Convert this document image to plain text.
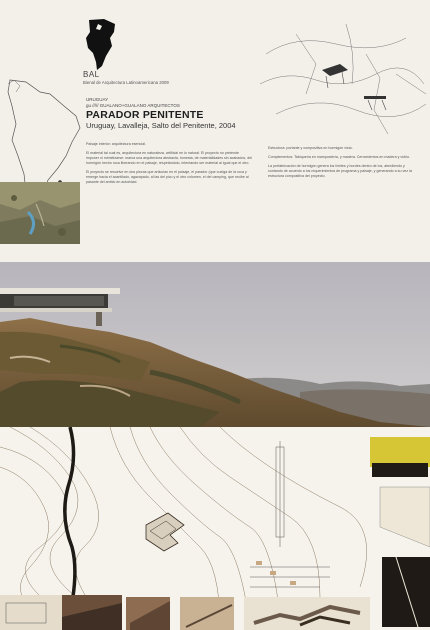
BAL
Bienal de Arquitectura Latinoamericana 2009
URUGUAY
gu ///// GUALANO+GUALANO ARQUITECTOS
PARADOR PENITENTE
Uruguay, Lavalleja, Salto del Penitente, 2004

Paisaje interior: arquitectura esencial.

El material tal cual es, arquitectura en naturaleza, artificial en lo natural. El proyecto no pretende imponer ni mimetizarse: marca una arquitectura abstracta, honesta, de materialidades sin acabados, del hormigón hecho roca liberando en el paisaje, respetándolo, intentando ser material al igual que el otro.

El proyecto se resuelve en dos piezas que articulan en el paisaje, el parador (que cuelga de la roca y emerge hacia el acantilado, agazapado, al las del pico y el otro volumen, el del camping, que recibe al pasante del ambio en autoridad.

Estructura: portante y compositiva en hormigón visto.

Complementos: Tabiquería en mampostería, y madera. Cerramientos en madera y vidrio.

La prefabricación de hormigón genera los límites y bordes dentro de los, atendiendo y contando de acuerdo a los requerimientos de programa y paisaje, y generando a su vez la estructura compositiva del proyecto.
